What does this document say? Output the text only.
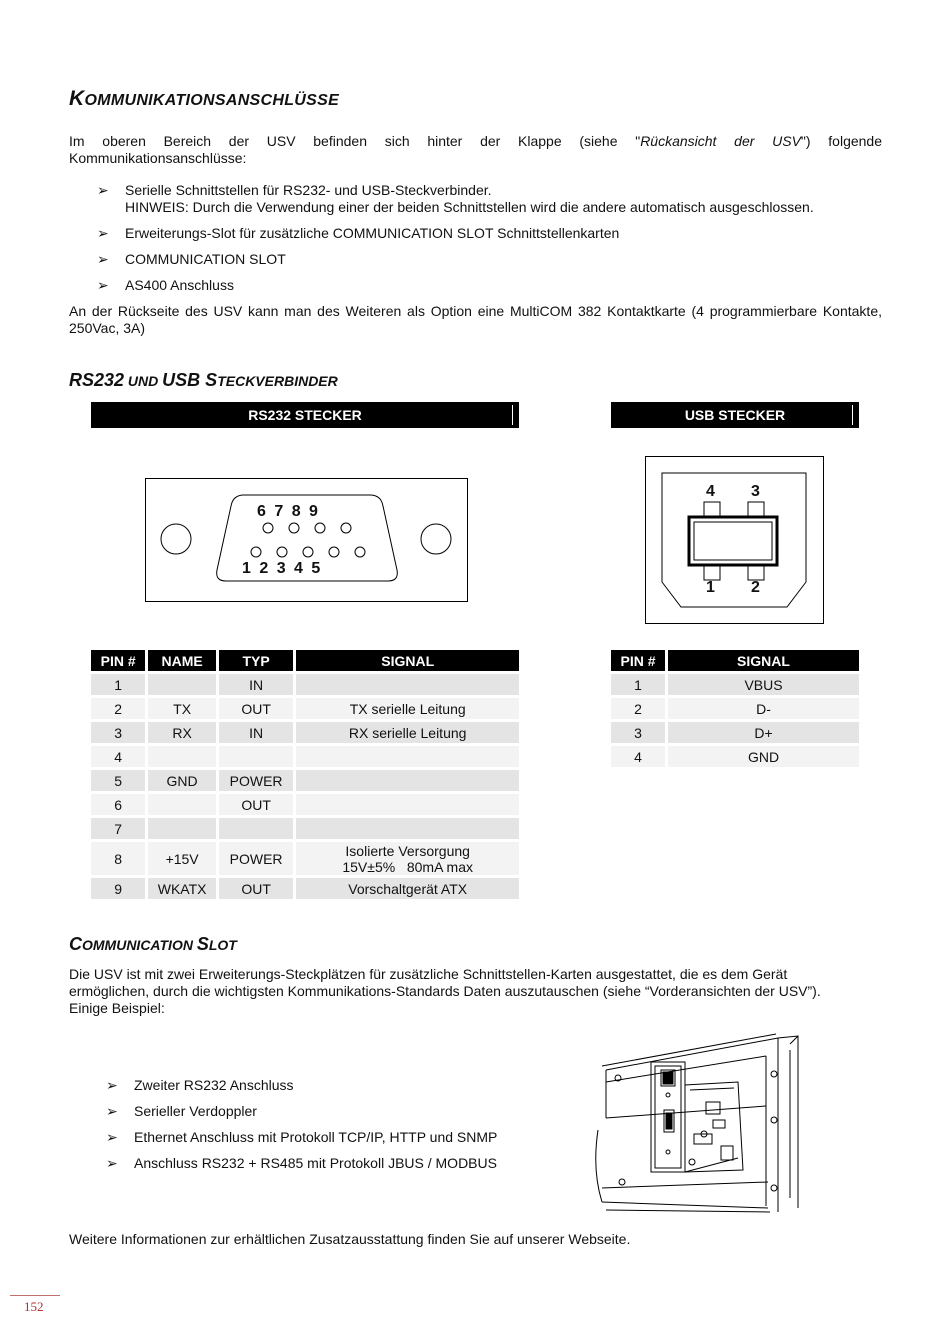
KOMMUNIKATIONSANSCHLÜSSE
Im oberen Bereich der USV befinden sich hinter der Klappe (siehe "Rückansicht der USV") folgende
Kommunikationsanschlüsse:
➢ Serielle Schnittstellen für RS232- und USB-Steckverbinder.
HINWEIS: Durch die Verwendung einer der beiden Schnittstellen wird die andere automatisch ausgeschlossen.
➢ Erweiterungs-Slot für zusätzliche COMMUNICATION SLOT Schnittstellenkarten
➢ COMMUNICATION SLOT
➢ AS400 Anschluss
An der Rückseite des USV kann man des Weiteren als Option eine MultiCOM 382 Kontaktkarte (4 programmierbare Kontakte,
250Vac, 3A)
RS232 UND USB STECKVERBINDER
RS232 STECKER	USB STECKER
6 7 8 9
1 2 3 4 5
4 3
1 2
PIN #	NAME	TYP	SIGNAL
1		IN	
2	TX	OUT	TX serielle Leitung
3	RX	IN	RX serielle Leitung
4			
5	GND	POWER	
6		OUT	
7			
8	+15V	POWER	Isolierte Versorgung
15V±5%   80mA max

9	WKATX	OUT	Vorschaltgerät ATX
PIN #	SIGNAL
1	VBUS
2	D-
3	D+
4	GND
COMMUNICATION SLOT
Die USV ist mit zwei Erweiterungs-Steckplätzen für zusätzliche Schnittstellen-Karten ausgestattet, die es dem Gerät
ermöglichen, durch die wichtigsten Kommunikations-Standards Daten auszutauschen (siehe “Vorderansichten der USV”).
Einige Beispiel:
➢ Zweiter RS232 Anschluss
➢ Serieller Verdoppler
➢ Ethernet Anschluss mit Protokoll TCP/IP, HTTP und SNMP
➢ Anschluss RS232 + RS485 mit Protokoll JBUS / MODBUS
Weitere Informationen zur erhältlichen Zusatzausstattung finden Sie auf unserer Webseite.
152
